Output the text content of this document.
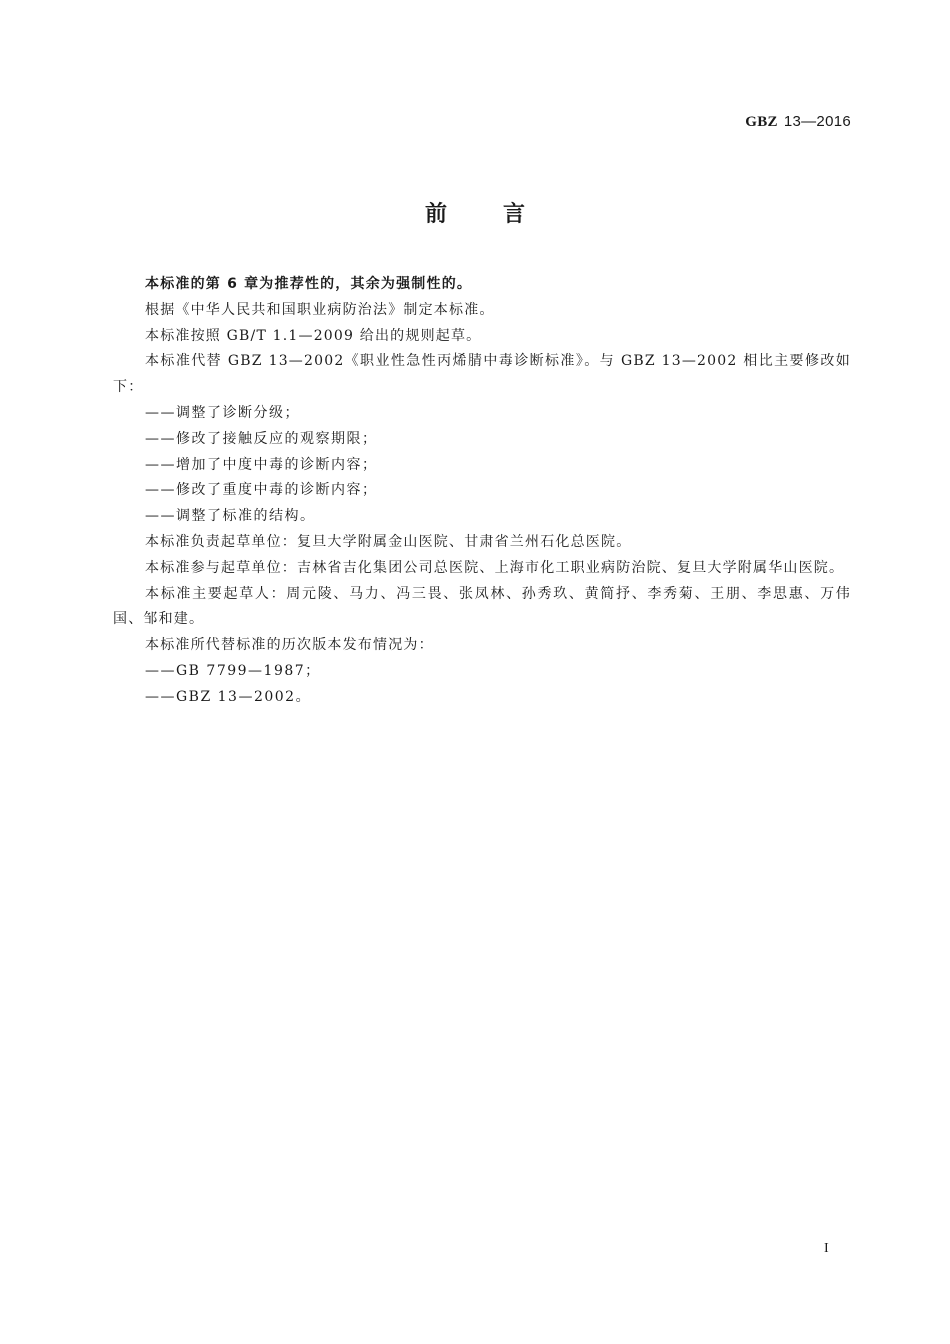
GBZ 13—2016
前	言

本标准的第 6 章为推荐性的，其余为强制性的。

根据《中华人民共和国职业病防治法》制定本标准。

本标准按照 GB/T 1.1—2009 给出的规则起草。

本标准代替 GBZ 13—2002《职业性急性丙烯腈中毒诊断标准》。与 GBZ 13—2002 相比主要修改如下：

——调整了诊断分级；

——修改了接触反应的观察期限；

——增加了中度中毒的诊断内容；

——修改了重度中毒的诊断内容；

——调整了标准的结构。

本标准负责起草单位：复旦大学附属金山医院、甘肃省兰州石化总医院。

本标准参与起草单位：吉林省吉化集团公司总医院、上海市化工职业病防治院、复旦大学附属华山医院。

本标准主要起草人：周元陵、马力、冯三畏、张凤林、孙秀玖、黄简抒、李秀菊、王朋、李思惠、万伟国、邹和建。

本标准所代替标准的历次版本发布情况为：

——GB 7799—1987；

——GBZ 13—2002。

I
